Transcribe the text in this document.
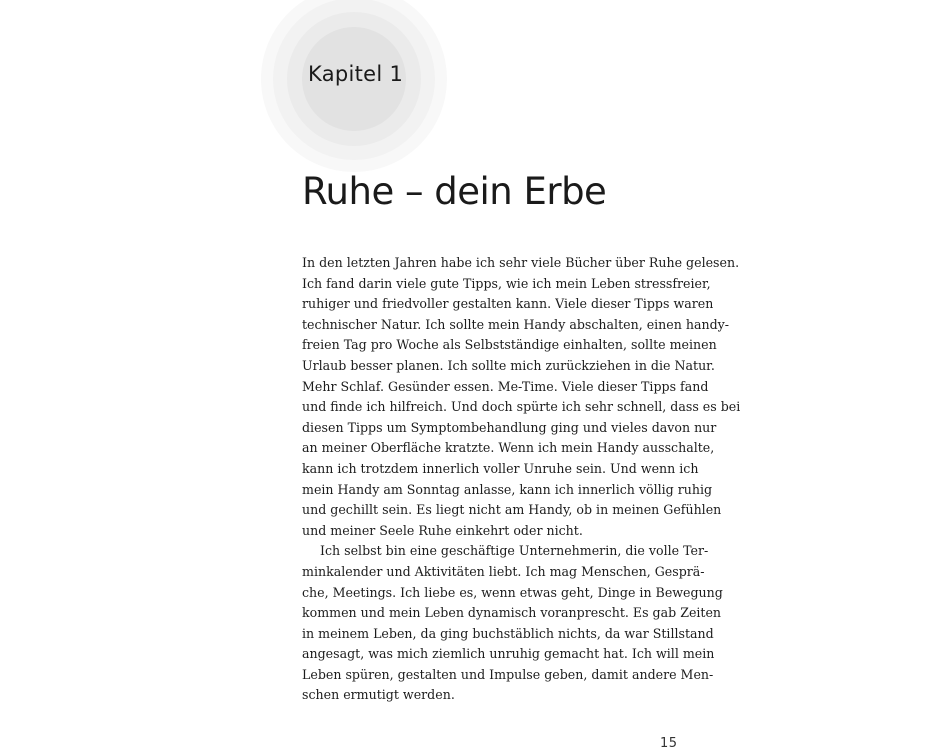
Kapitel 1
Ruhe – dein Erbe
In den letzten Jahren habe ich sehr viele Bücher über Ruhe gelesen.
Ich fand darin viele gute Tipps, wie ich mein Leben stressfreier,
ruhiger und friedvoller gestalten kann. Viele dieser Tipps waren
technischer Natur. Ich sollte mein Handy abschalten, einen handy-
freien Tag pro Woche als Selbstständige einhalten, sollte meinen
Urlaub besser planen. Ich sollte mich zurückziehen in die Natur.
Mehr Schlaf. Gesünder essen. Me-Time. Viele dieser Tipps fand
und finde ich hilfreich. Und doch spürte ich sehr schnell, dass es bei
diesen Tipps um Symptombehandlung ging und vieles davon nur
an meiner Oberfläche kratzte. Wenn ich mein Handy ausschalte,
kann ich trotzdem innerlich voller Unruhe sein. Und wenn ich
mein Handy am Sonntag anlasse, kann ich innerlich völlig ruhig
und gechillt sein. Es liegt nicht am Handy, ob in meinen Gefühlen
und meiner Seele Ruhe einkehrt oder nicht.
Ich selbst bin eine geschäftige Unternehmerin, die volle Ter-
minkalender und Aktivitäten liebt. Ich mag Menschen, Gesprä-
che, Meetings. Ich liebe es, wenn etwas geht, Dinge in Bewegung
kommen und mein Leben dynamisch voranprescht. Es gab Zeiten
in meinem Leben, da ging buchstäblich nichts, da war Stillstand
angesagt, was mich ziemlich unruhig gemacht hat. Ich will mein
Leben spüren, gestalten und Impulse geben, damit andere Men-
schen ermutigt werden.
15
